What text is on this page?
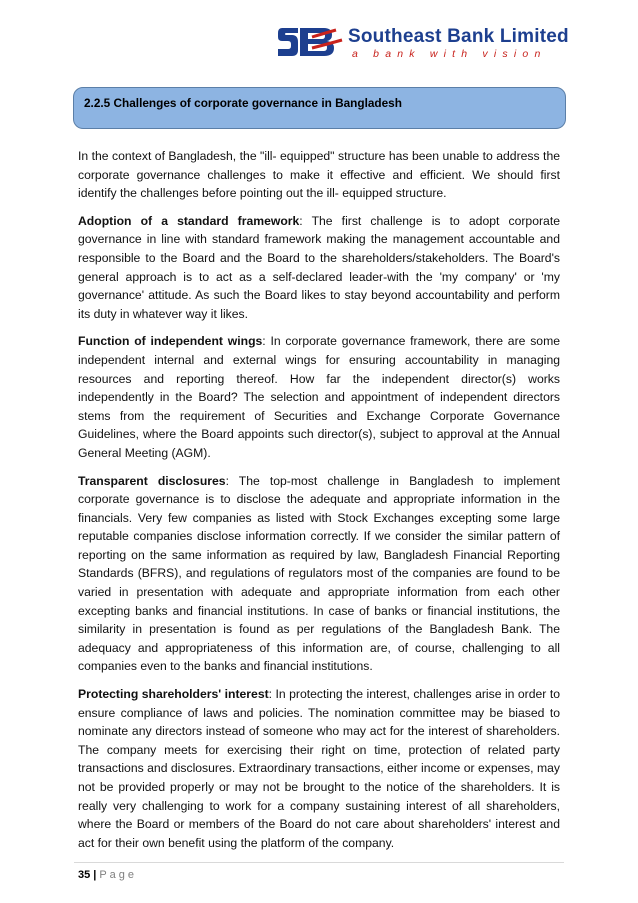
Southeast Bank Limited
a bank with vision
2.2.5 Challenges of corporate governance in Bangladesh

In the context of Bangladesh, the "ill- equipped" structure has been unable to address the corporate governance challenges to make it effective and efficient. We should first identify the challenges before pointing out the ill- equipped structure.

Adoption of a standard framework: The first challenge is to adopt corporate governance in line with standard framework making the management accountable and responsible to the Board and the Board to the shareholders/stakeholders. The Board's general approach is to act as a self-declared leader-with the 'my company' or 'my governance' attitude. As such the Board likes to stay beyond accountability and perform its duty in whatever way it likes.

Function of independent wings: In corporate governance framework, there are some independent internal and external wings for ensuring accountability in managing resources and reporting thereof. How far the independent director(s) works independently in the Board? The selection and appointment of independent directors stems from the requirement of Securities and Exchange Corporate Governance Guidelines, where the Board appoints such director(s), subject to approval at the Annual General Meeting (AGM).

Transparent disclosures: The top-most challenge in Bangladesh to implement corporate governance is to disclose the adequate and appropriate information in the financials. Very few companies as listed with Stock Exchanges excepting some large reputable companies disclose information correctly. If we consider the similar pattern of reporting on the same information as required by law, Bangladesh Financial Reporting Standards (BFRS), and regulations of regulators most of the companies are found to be varied in presentation with adequate and appropriate information from each other excepting banks and financial institutions. In case of banks or financial institutions, the similarity in presentation is found as per regulations of the Bangladesh Bank. The adequacy and appropriateness of this information are, of course, challenging to all companies even to the banks and financial institutions.

Protecting shareholders' interest: In protecting the interest, challenges arise in order to ensure compliance of laws and policies. The nomination committee may be biased to nominate any directors instead of someone who may act for the interest of shareholders. The company meets for exercising their right on time, protection of related party transactions and disclosures. Extraordinary transactions, either income or expenses, may not be provided properly or may not be brought to the notice of the shareholders. It is really very challenging to work for a company sustaining interest of all shareholders, where the Board or members of the Board do not care about shareholders' interest and act for their own benefit using the platform of the company.

35 | Page
